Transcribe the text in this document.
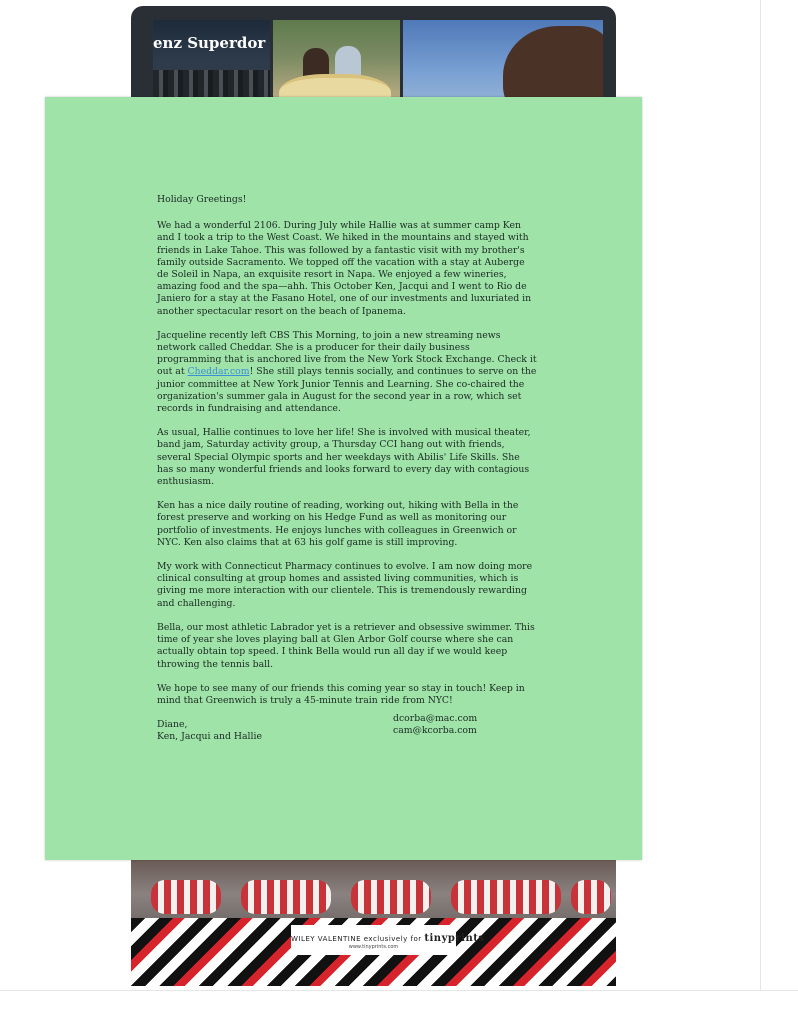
enz Superdor
WILEY VALENTINE exclusively for tinyprints
www.tinyprints.com

Holiday Greetings!

We had a wonderful 2106. During July while Hallie was at summer camp Ken and I took a trip to the West Coast. We hiked in the mountains and stayed with friends in Lake Tahoe. This was followed by a fantastic visit with my brother's family outside Sacramento. We topped off the vacation with a stay at Auberge de Soleil in Napa, an exquisite resort in Napa. We enjoyed a few wineries, amazing food and the spa—ahh. This October Ken, Jacqui and I went to Rio de Janiero for a stay at the Fasano Hotel, one of our investments and luxuriated in another spectacular resort on the beach of Ipanema.

Jacqueline recently left CBS This Morning, to join a new streaming news network called Cheddar. She is a producer for their daily business programming that is anchored live from the New York Stock Exchange. Check it out at Cheddar.com! She still plays tennis socially, and continues to serve on the junior committee at New York Junior Tennis and Learning. She co-chaired the organization's summer gala in August for the second year in a row, which set records in fundraising and attendance.

As usual, Hallie continues to love her life! She is involved with musical theater, band jam, Saturday activity group, a Thursday CCI hang out with friends, several Special Olympic sports and her weekdays with Abilis' Life Skills. She has so many wonderful friends and looks forward to every day with contagious enthusiasm.

Ken has a nice daily routine of reading, working out, hiking with Bella in the forest preserve and working on his Hedge Fund as well as monitoring our portfolio of investments. He enjoys lunches with colleagues in Greenwich or NYC. Ken also claims that at 63 his golf game is still improving.

My work with Connecticut Pharmacy continues to evolve. I am now doing more clinical consulting at group homes and assisted living communities, which is giving me more interaction with our clientele. This is tremendously rewarding and challenging.

Bella, our most athletic Labrador yet is a retriever and obsessive swimmer. This time of year she loves playing ball at Glen Arbor Golf course where she can actually obtain top speed. I think Bella would run all day if we would keep throwing the tennis ball.

We hope to see many of our friends this coming year so stay in touch! Keep in mind that Greenwich is truly a 45-minute train ride from NYC!

Diane,
Ken, Jacqui and Hallie
dcorba@mac.com
cam@kcorba.com
